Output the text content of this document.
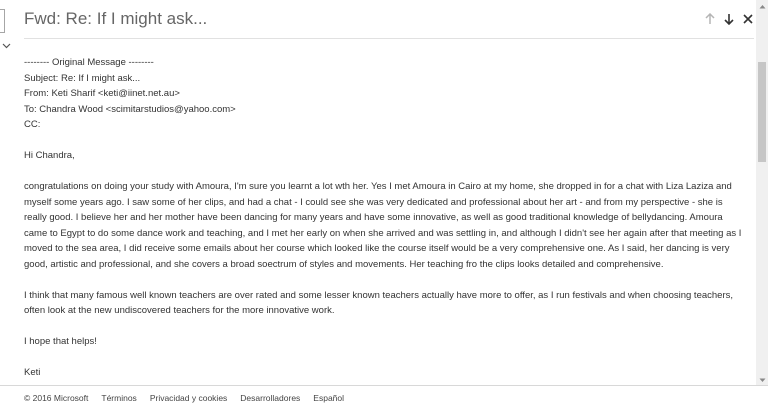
Fwd: Re: If I might ask...
-------- Original Message --------
Subject: Re: If I might ask...
From: Keti Sharif <keti@iinet.net.au>
To: Chandra Wood <scimitarstudios@yahoo.com>
CC:

Hi Chandra,

congratulations on doing your study with Amoura, I'm sure you learnt a lot wth her. Yes I met Amoura in Cairo at my home, she dropped in for a chat with Liza Laziza and myself some years ago. I saw some of her clips, and had a chat - I could see she was very dedicated and professional about her art - and from my perspective - she is really good. I believe her and her mother have been dancing for many years and have some innovative, as well as good traditional knowledge of bellydancing. Amoura came to Egypt to do some dance work and teaching, and I met her early on when she arrived and was settling in, and although I didn't see her again after that meeting as I moved to the sea area, I did receive some emails about her course which looked like the course itself would be a very comprehensive one. As I said, her dancing is very good, artistic and professional, and she covers a broad soectrum of styles and movements. Her teaching fro the clips looks detailed and comprehensive.

I think that many famous well known teachers are over rated and some lesser known teachers actually have more to offer, as I run festivals and when choosing teachers, often look at the new undiscovered teachers for the more innovative work.

I hope that helps!

Keti

© 2016 Microsoft Términos Privacidad y cookies Desarrolladores Español
